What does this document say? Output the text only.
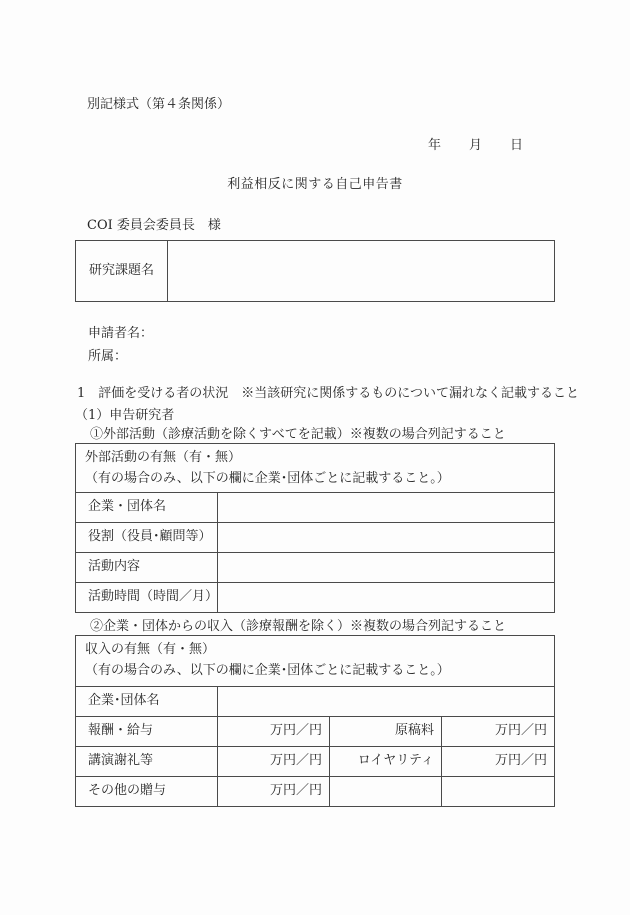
別記様式（第４条関係）
年 月 日
利益相反に関する自己申告書
COI 委員会委員長　様
研究課題名
申請者名：
所属：
1　評価を受ける者の状況　※当該研究に関係するものについて漏れなく記載すること
（1）申告研究者
①外部活動（診療活動を除くすべてを記載）※複数の場合列記すること
外部活動の有無（有・無）
（有の場合のみ、以下の欄に企業･団体ごとに記載すること。）
企業・団体名
役割（役員･顧問等）
活動内容
活動時間（時間／月）
②企業・団体からの収入（診療報酬を除く）※複数の場合列記すること
収入の有無（有・無）
（有の場合のみ、以下の欄に企業･団体ごとに記載すること。）
企業･団体名
報酬・給与	万円／円	原稿料	万円／円
講演謝礼等	万円／円	ロイヤリティ	万円／円
その他の贈与	万円／円
